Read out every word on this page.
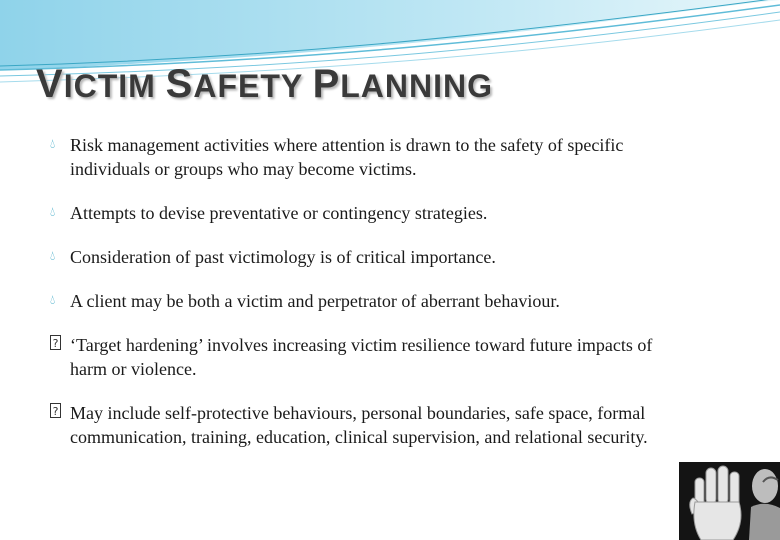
VICTIM SAFETY PLANNING
💧︎ Risk management activities where attention is drawn to the safety of specific individuals or groups who may become victims.
💧︎ Attempts to devise preventative or contingency strategies.
💧︎ Consideration of past victimology is of critical importance.
💧︎ A client may be both a victim and perpetrator of aberrant behaviour.
? ‘Target hardening’ involves increasing victim resilience toward future impacts of harm or violence.
? May include self-protective behaviours, personal boundaries, safe space, formal communication, training, education, clinical supervision, and relational security.
